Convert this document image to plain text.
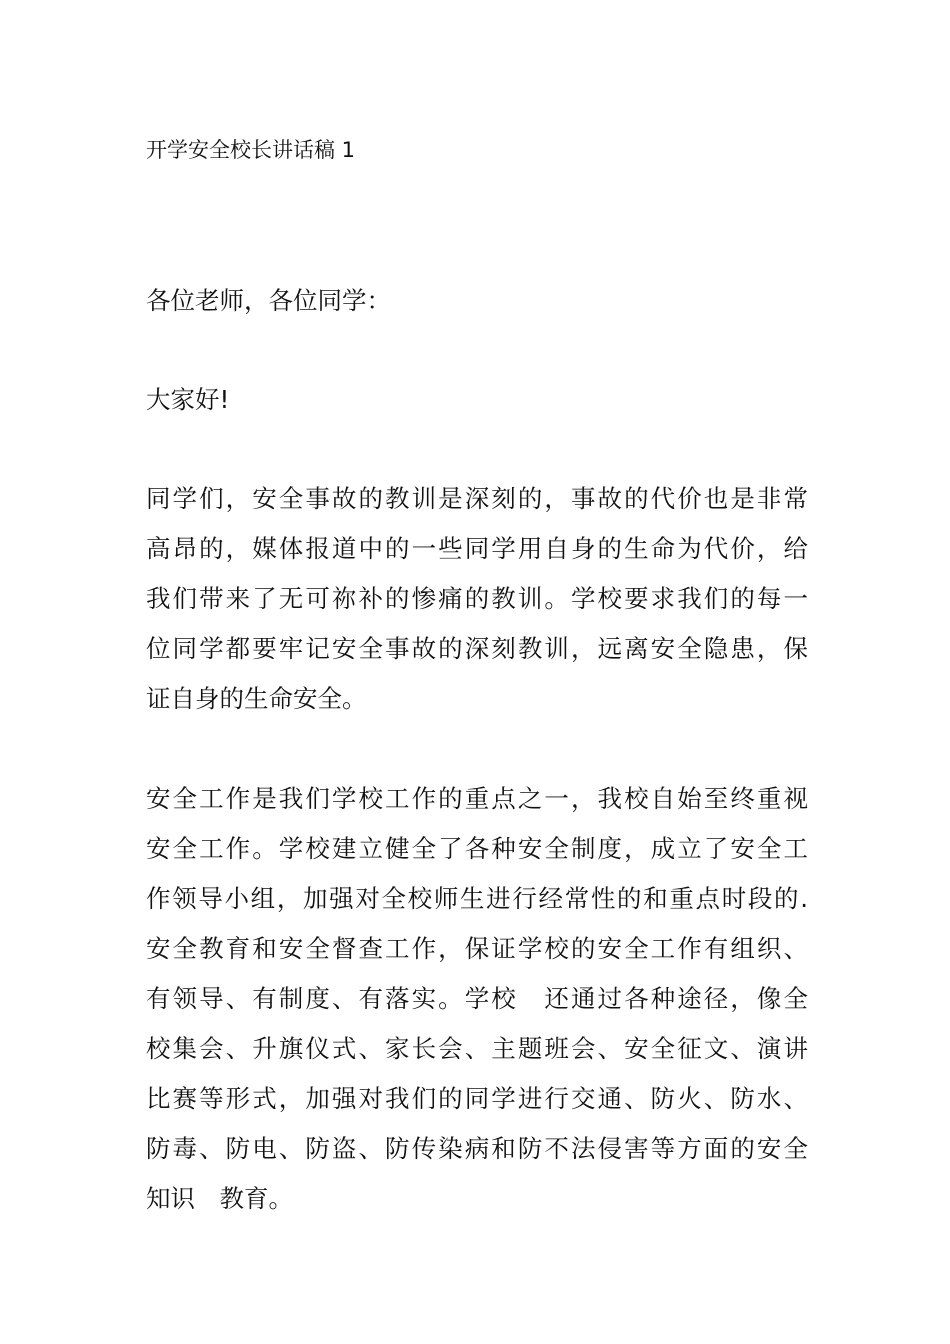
开学安全校长讲话稿 1
各位老师，各位同学：
大家好!
同学们，安全事故的教训是深刻的，事故的代价也是非常
高昂的，媒体报道中的一些同学用自身的生命为代价，给
我们带来了无可祢补的惨痛的教训。学校要求我们的每一
位同学都要牢记安全事故的深刻教训，远离安全隐患，保
证自身的生命安全。
安全工作是我们学校工作的重点之一，我校自始至终重视
安全工作。学校建立健全了各种安全制度，成立了安全工
作领导小组，加强对全校师生进行经常性的和重点时段的.
安全教育和安全督查工作，保证学校的安全工作有组织、
有领导、有制度、有落实。学校　还通过各种途径，像全
校集会、升旗仪式、家长会、主题班会、安全征文、演讲
比赛等形式，加强对我们的同学进行交通、防火、防水、
防毒、防电、防盗、防传染病和防不法侵害等方面的安全
知识　教育。
